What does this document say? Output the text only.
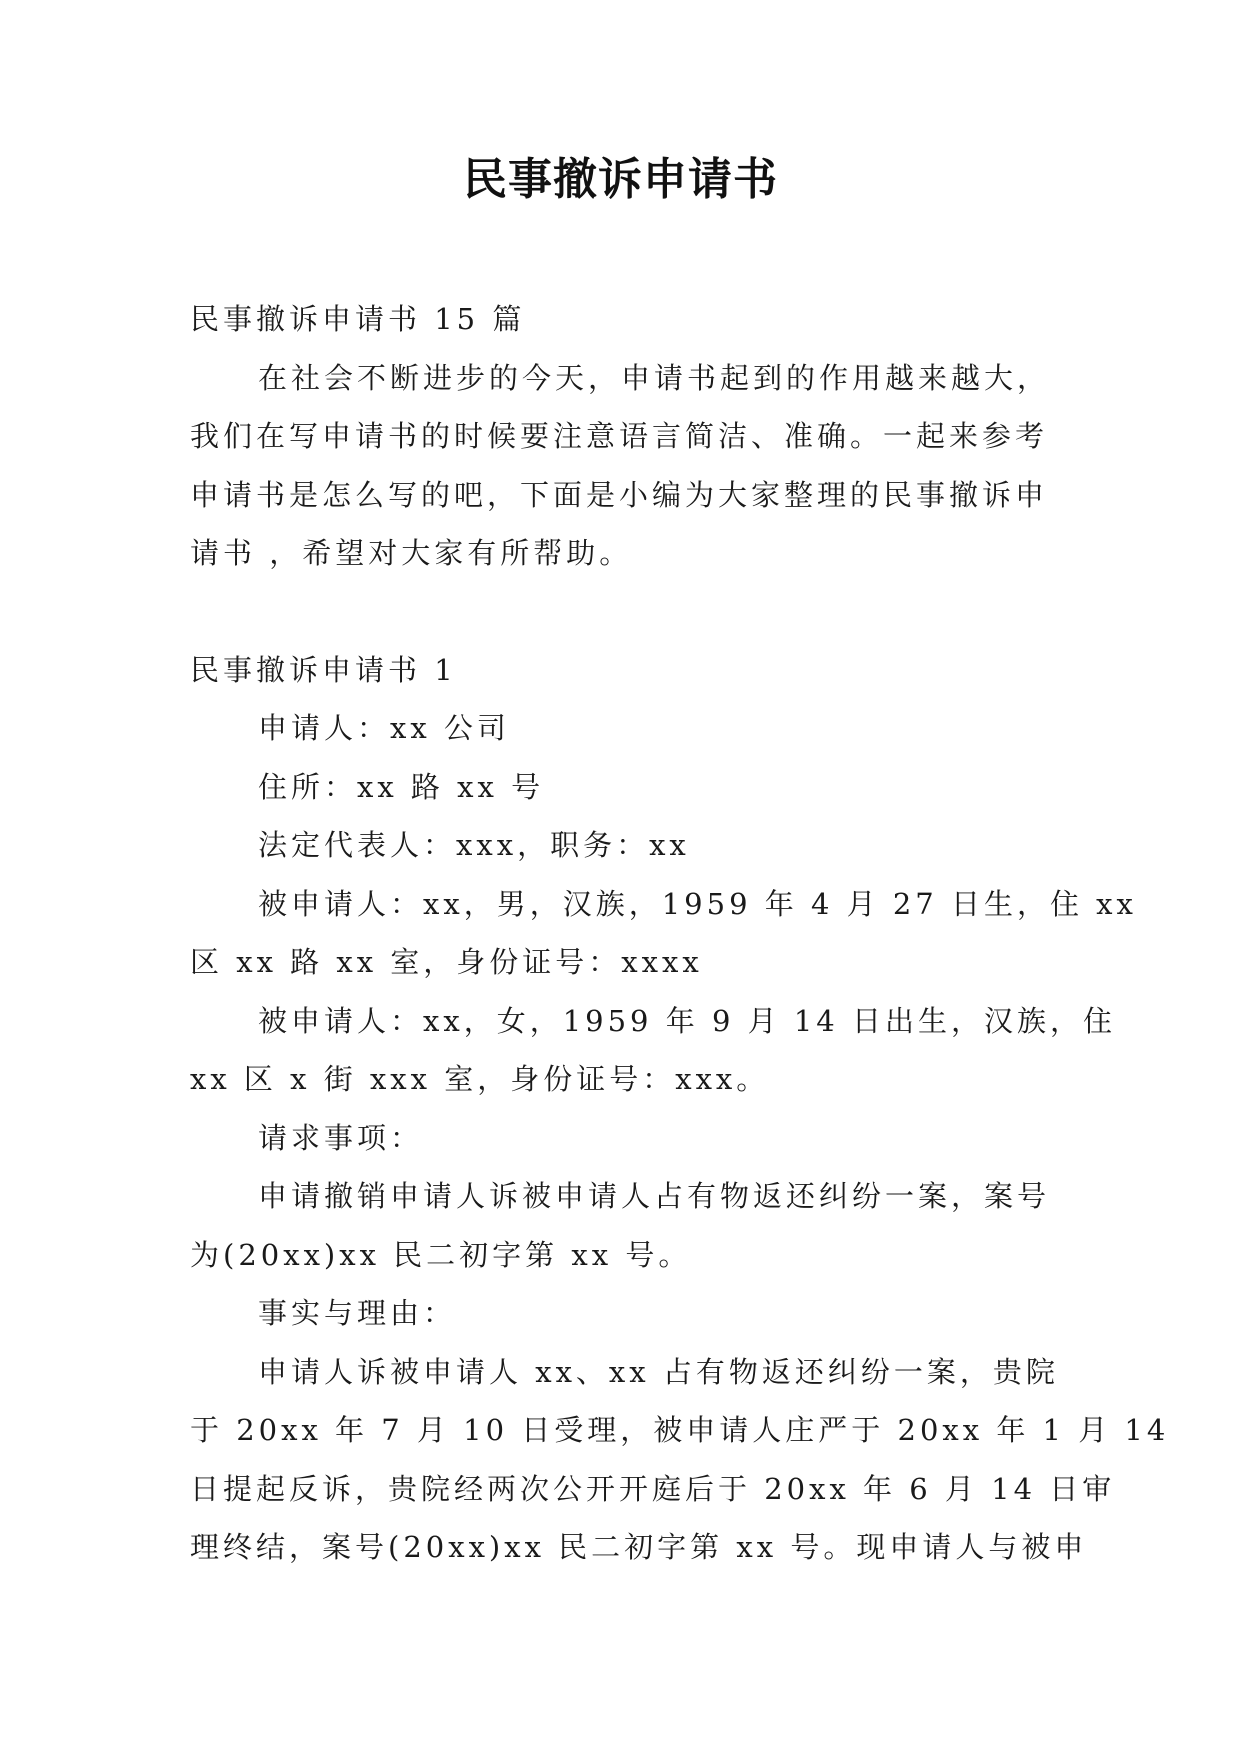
民事撤诉申请书

民事撤诉申请书 15 篇

在社会不断进步的今天，申请书起到的作用越来越大，

我们在写申请书的时候要注意语言简洁、准确。一起来参考

申请书是怎么写的吧，下面是小编为大家整理的民事撤诉申

请书 ，希望对大家有所帮助。

民事撤诉申请书 1

申请人：xx 公司

住所：xx 路 xx 号

法定代表人：xxx，职务：xx

被申请人：xx，男，汉族，1959 年 4 月 27 日生，住 xx

区 xx 路 xx 室，身份证号：xxxx

被申请人：xx，女，1959 年 9 月 14 日出生，汉族，住

xx 区 x 街 xxx 室，身份证号：xxx。

请求事项：

申请撤销申请人诉被申请人占有物返还纠纷一案，案号

为(20xx)xx 民二初字第 xx 号。

事实与理由：

申请人诉被申请人 xx、xx 占有物返还纠纷一案，贵院

于 20xx 年 7 月 10 日受理，被申请人庄严于 20xx 年 1 月 14

日提起反诉，贵院经两次公开开庭后于 20xx 年 6 月 14 日审

理终结，案号(20xx)xx 民二初字第 xx 号。现申请人与被申
